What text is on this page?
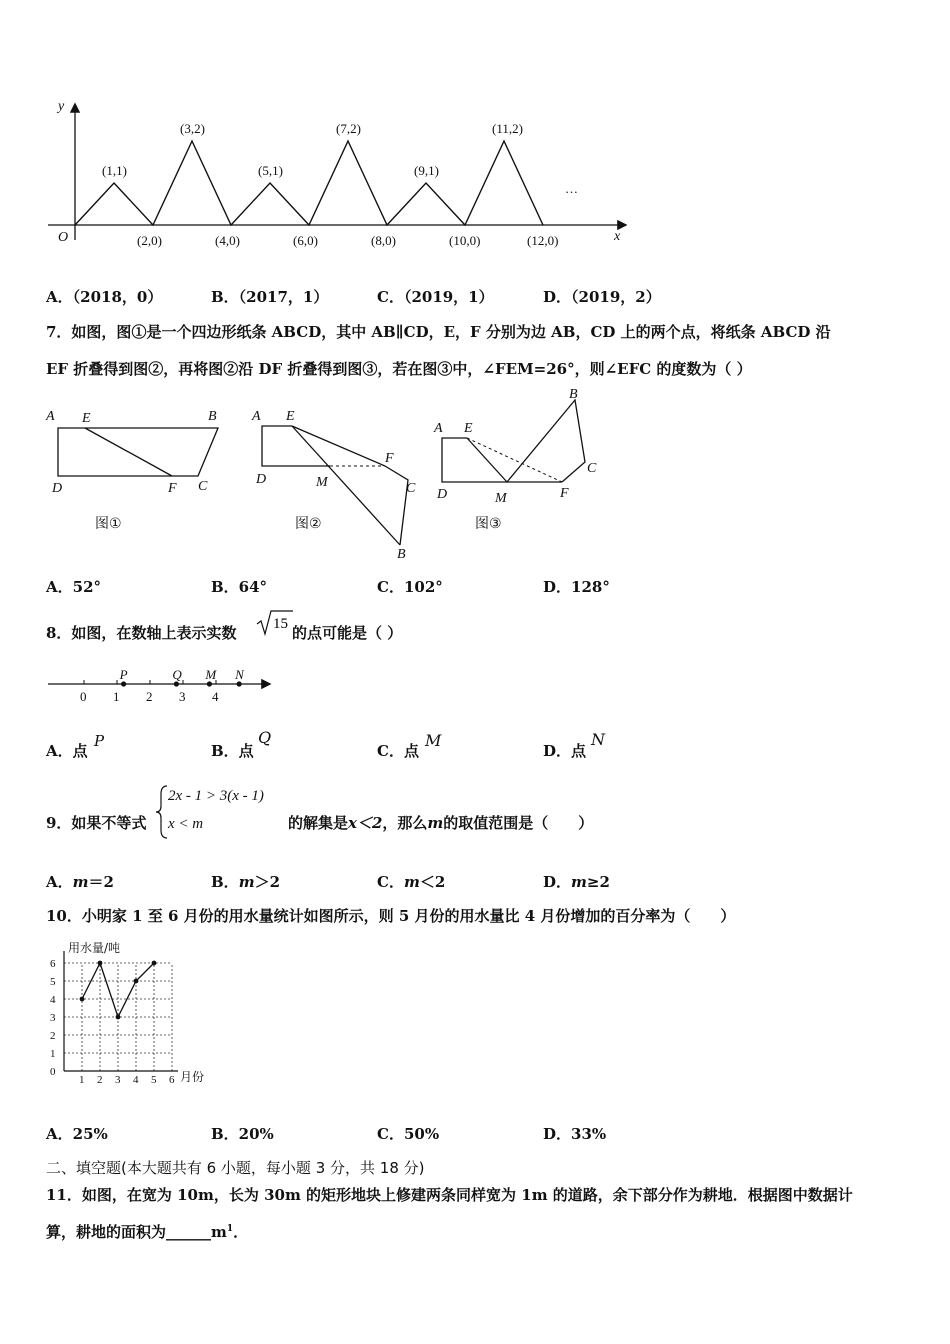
y
x
O
(1,1)
(3,2)
(5,1)
(7,2)
(9,1)
(11,2)
(2,0)	(4,0)	(6,0)	(8,0)	(10,0)	(12,0)
…
A．（2018，0）	B．（2017，1）	C．（2019，1）	D．（2019，2）
7．如图，图①是一个四边形纸条 ABCD，其中 AB∥CD，E，F 分别为边 AB，CD 上的两个点，将纸条 ABCD 沿
EF 折叠得到图②，再将图②沿 DF 折叠得到图③，若在图③中，∠FEM=26°，则∠EFC 的度数为（ ）
A E	B
D	F C
图①
A E
F
D	M	C
B
图②
A E
B
C
D	M	F
图③
A．52°	B．64°	C．102°	D．128°
8．如图，在数轴上表示实数 15 的点可能是（ ）
0 1 2 3 4
P	Q M N
A．点
P
B．点
Q
C．点
M
D．点
N
9．如果不等式
2x - 1 > 3(x - 1)
x < m	的解集是x＜2，那么m的取值范围是（　　）
A．m＝2	B．m＞2	C．m＜2	D．m≥2
10．小明家 1 至 6 月份的用水量统计如图所示，则 5 月份的用水量比 4 月份增加的百分率为（　　）
0
1
2
3
4
5
6
1 2 3 4 5 6
用水量/吨
月份
A．25%	B．20%	C．50%	D．33%
二、填空题(本大题共有 6 小题，每小题 3 分，共 18 分)
11．如图，在宽为 10m，长为 30m 的矩形地块上修建两条同样宽为 1m 的道路，余下部分作为耕地．根据图中数据计
算，耕地的面积为$\_\_\_\_\_\_m^1$．
